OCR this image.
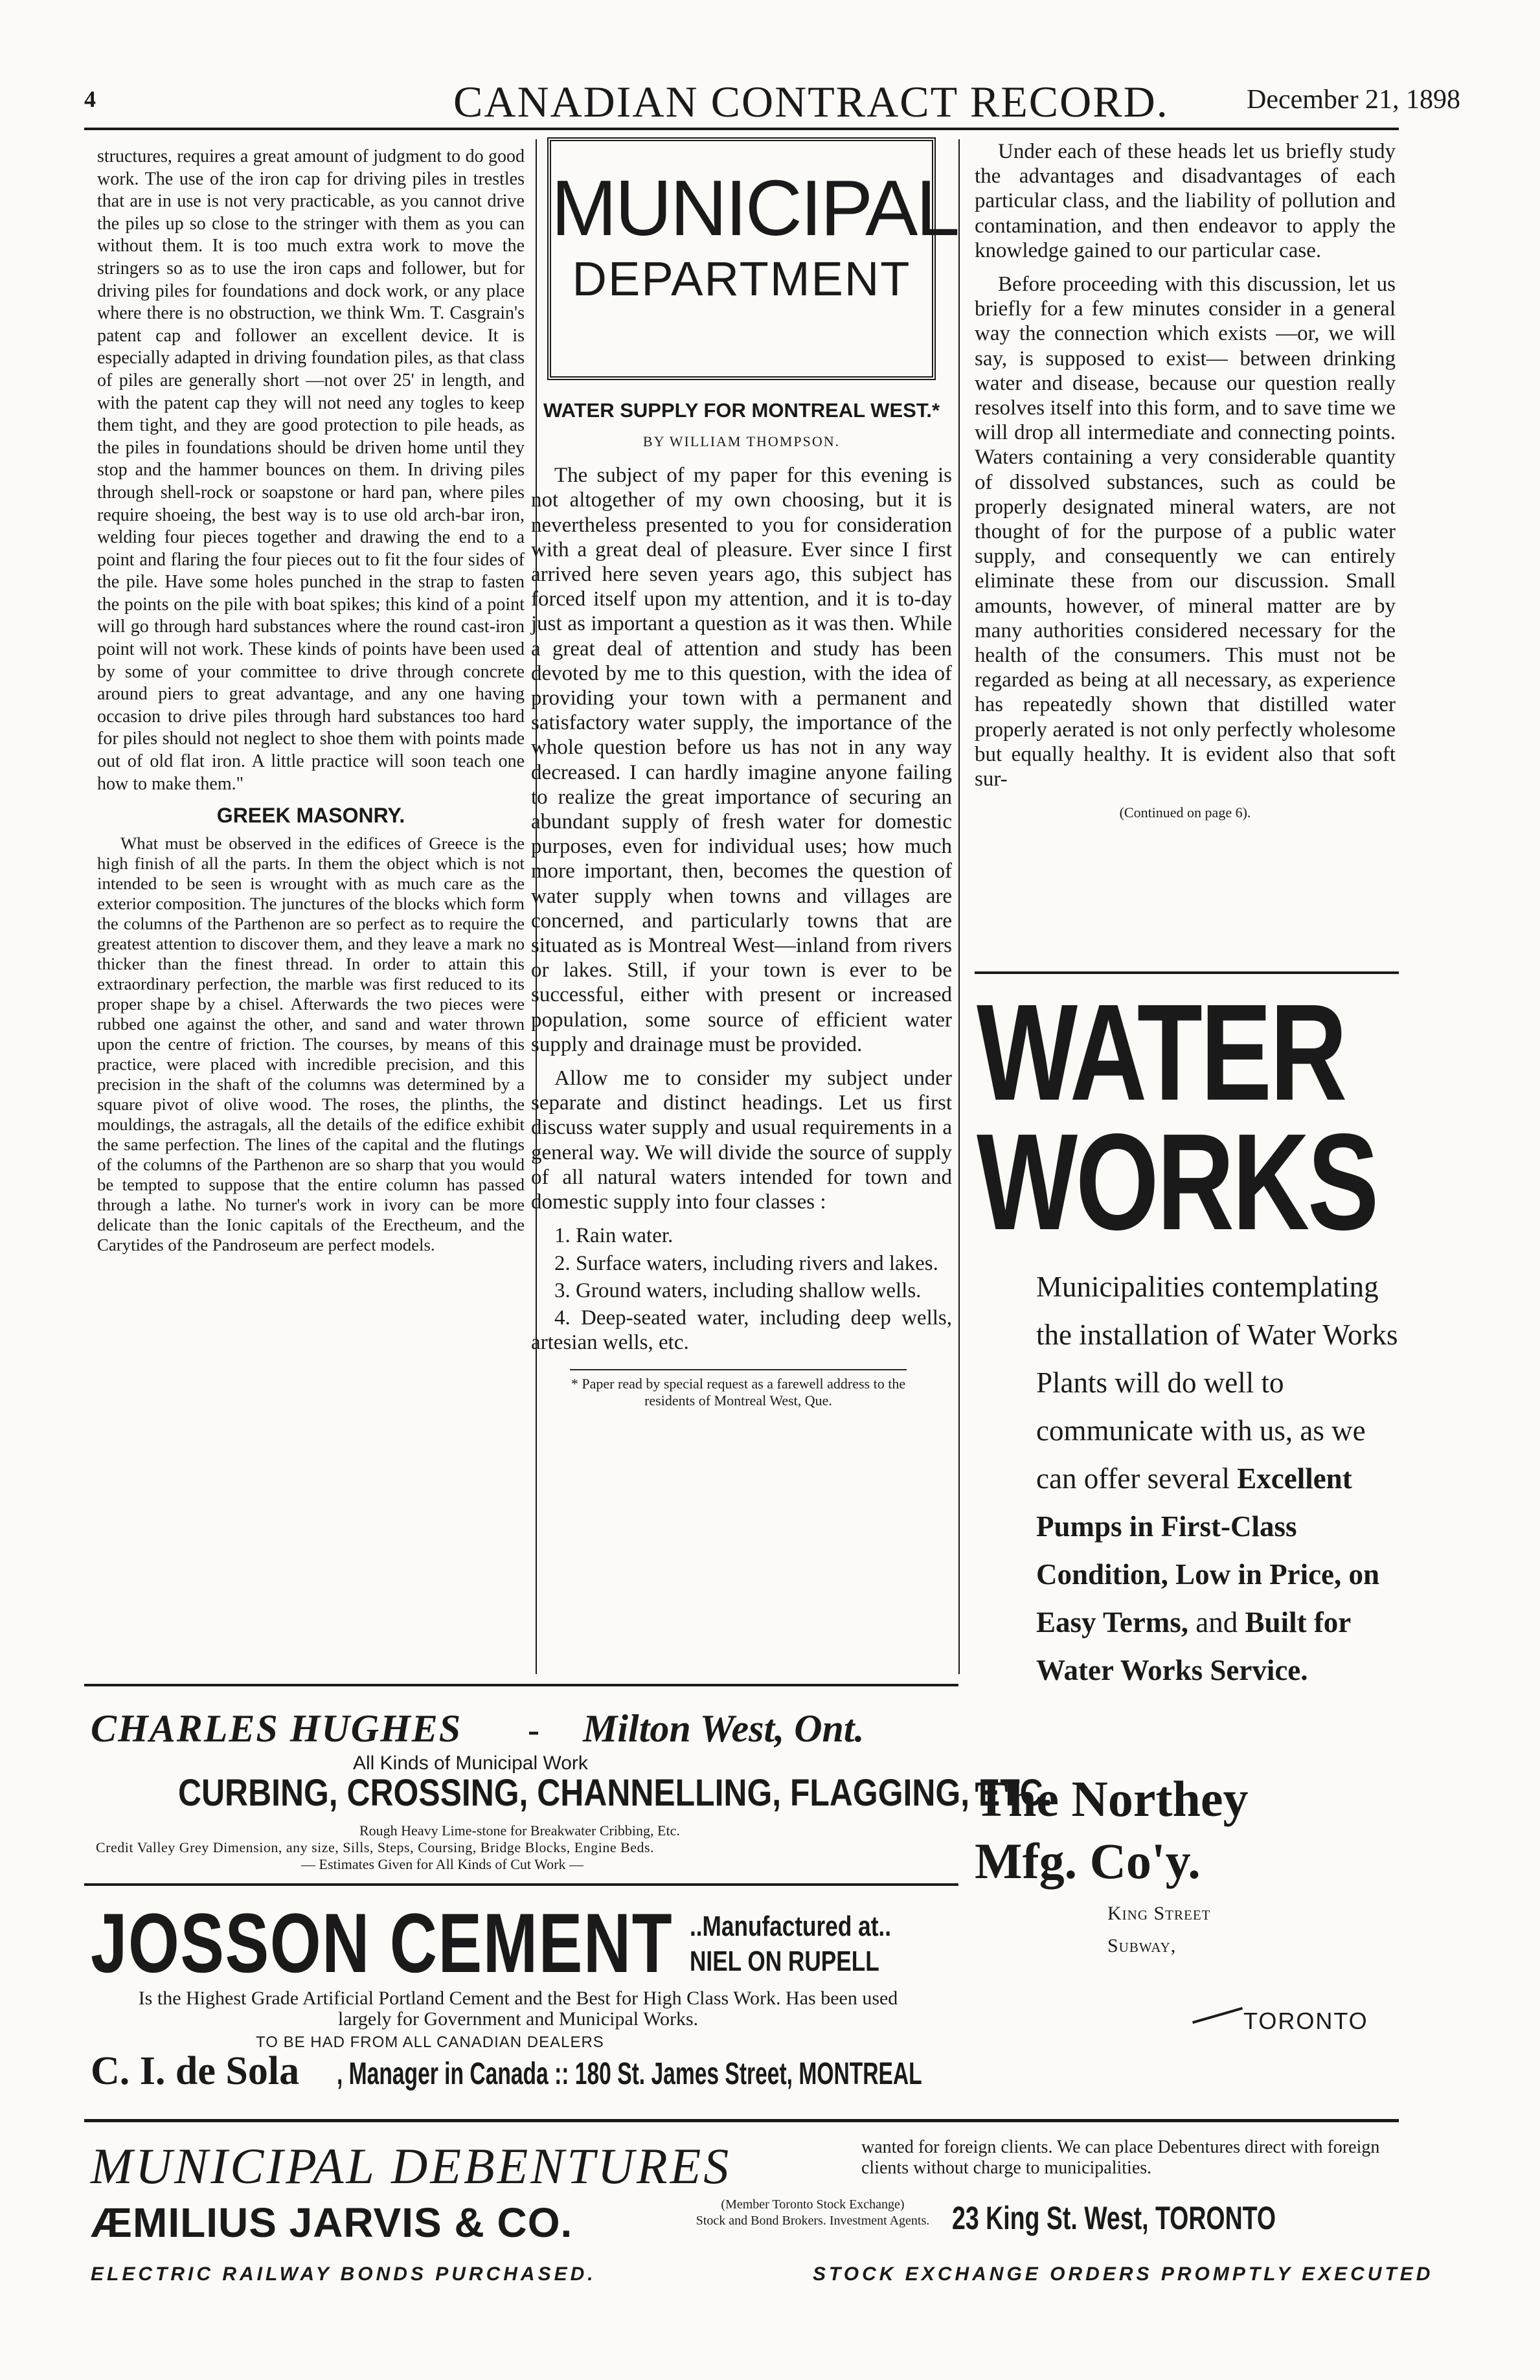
4	CANADIAN CONTRACT RECORD.	December 21, 1898

structures, requires a great amount of judgment to do good work. The use of the iron cap for driving piles in trestles that are in use is not very practicable, as you cannot drive the piles up so close to the stringer with them as you can without them. It is too much extra work to move the stringers so as to use the iron caps and follower, but for driving piles for foundations and dock work, or any place where there is no obstruction, we think Wm. T. Casgrain's patent cap and follower an excellent device. It is especially adapted in driving foundation piles, as that class of piles are generally short —not over 25' in length, and with the patent cap they will not need any togles to keep them tight, and they are good protection to pile heads, as the piles in foundations should be driven home until they stop and the hammer bounces on them. In driving piles through shell-rock or soapstone or hard pan, where piles require shoeing, the best way is to use old arch-bar iron, welding four pieces together and drawing the end to a point and flaring the four pieces out to fit the four sides of the pile. Have some holes punched in the strap to fasten the points on the pile with boat spikes; this kind of a point will go through hard substances where the round cast-iron point will not work. These kinds of points have been used by some of your committee to drive through concrete around piers to great advantage, and any one having occasion to drive piles through hard substances too hard for piles should not neglect to shoe them with points made out of old flat iron. A little practice will soon teach one how to make them."

GREEK MASONRY.

What must be observed in the edifices of Greece is the high finish of all the parts. In them the object which is not intended to be seen is wrought with as much care as the exterior composition. The junctures of the blocks which form the columns of the Parthenon are so perfect as to require the greatest attention to discover them, and they leave a mark no thicker than the finest thread. In order to attain this extraordinary perfection, the marble was first reduced to its proper shape by a chisel. Afterwards the two pieces were rubbed one against the other, and sand and water thrown upon the centre of friction. The courses, by means of this practice, were placed with incredible precision, and this precision in the shaft of the columns was determined by a square pivot of olive wood. The roses, the plinths, the mouldings, the astragals, all the details of the edifice exhibit the same perfection. The lines of the capital and the flutings of the columns of the Parthenon are so sharp that you would be tempted to suppose that the entire column has passed through a lathe. No turner's work in ivory can be more delicate than the Ionic capitals of the Erectheum, and the Carytides of the Pandroseum are perfect models.

MUNICIPAL
DEPARTMENT
WATER SUPPLY FOR MONTREAL WEST.*
BY WILLIAM THOMPSON.

The subject of my paper for this evening is not altogether of my own choosing, but it is nevertheless presented to you for consideration with a great deal of pleasure. Ever since I first arrived here seven years ago, this subject has forced itself upon my attention, and it is to-day just as important a question as it was then. While a great deal of attention and study has been devoted by me to this question, with the idea of providing your town with a permanent and satisfactory water supply, the importance of the whole question before us has not in any way decreased. I can hardly imagine anyone failing to realize the great importance of securing an abundant supply of fresh water for domestic purposes, even for individual uses; how much more important, then, becomes the question of water supply when towns and villages are concerned, and particularly towns that are situated as is Montreal West—inland from rivers or lakes. Still, if your town is ever to be successful, either with present or increased population, some source of efficient water supply and drainage must be provided.

Allow me to consider my subject under separate and distinct headings. Let us first discuss water supply and usual requirements in a general way. We will divide the source of supply of all natural waters intended for town and domestic supply into four classes :

1. Rain water.
2. Surface waters, including rivers and lakes.
3. Ground waters, including shallow wells.
4. Deep-seated water, including deep wells, artesian wells, etc.
* Paper read by special request as a farewell address to the residents of Montreal West, Que.

Under each of these heads let us briefly study the advantages and disadvantages of each particular class, and the liability of pollution and contamination, and then endeavor to apply the knowledge gained to our particular case.

Before proceeding with this discussion, let us briefly for a few minutes consider in a general way the connection which exists —or, we will say, is supposed to exist— between drinking water and disease, because our question really resolves itself into this form, and to save time we will drop all intermediate and connecting points. Waters containing a very considerable quantity of dissolved substances, such as could be properly designated mineral waters, are not thought of for the purpose of a public water supply, and consequently we can entirely eliminate these from our discussion. Small amounts, however, of mineral matter are by many authorities considered necessary for the health of the consumers. This must not be regarded as being at all necessary, as experience has repeatedly shown that distilled water properly aerated is not only perfectly wholesome but equally healthy. It is evident also that soft sur-

(Continued on page 6).
WATER
WORKS
Municipalities contemplating the installation of Water Works Plants will do well to communicate with us, as we can offer several Excellent Pumps in First-Class Condition, Low in Price, on Easy Terms, and Built for Water Works Service.
The Northey
Mfg. Co'y.
King Street
Subway,
TORONTO
CHARLES HUGHES - Milton West, Ont.
All Kinds of Municipal Work
CURBING, CROSSING, CHANNELLING, FLAGGING, ETC.
Rough Heavy Lime-stone for Breakwater Cribbing, Etc.
Credit Valley Grey Dimension, any size, Sills, Steps, Coursing, Bridge Blocks, Engine Beds.
— Estimates Given for All Kinds of Cut Work —
JOSSON CEMENT ..Manufactured at..
NIEL ON RUPELL
Is the Highest Grade Artificial Portland Cement and the Best for High Class Work. Has been used largely for Government and Municipal Works.
TO BE HAD FROM ALL CANADIAN DEALERS
C. I. de Sola , Manager in Canada :: 180 St. James Street, MONTREAL
MUNICIPAL DEBENTURES	wanted for foreign clients. We can place Debentures direct with foreign clients without charge to municipalities.
ÆMILIUS JARVIS & CO.	(Member Toronto Stock Exchange)
Stock and Bond Brokers. Investment Agents. 23 King St. West, TORONTO
ELECTRIC RAILWAY BONDS PURCHASED.	STOCK EXCHANGE ORDERS PROMPTLY EXECUTED
